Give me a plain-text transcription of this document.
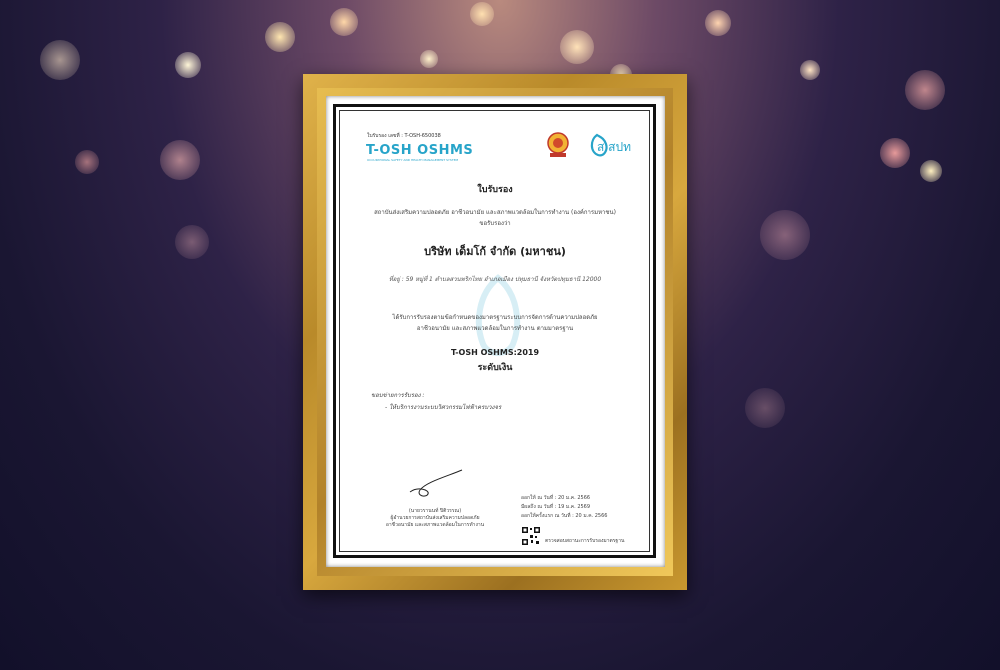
ใบรับรอง เลขที่ : T-OSH-650038
T-OSH OSHMS
OCCUPATIONAL SAFETY AND HEALTH MANAGEMENT SYSTEM
ส.สปท
ใบรับรอง
สถาบันส่งเสริมความปลอดภัย อาชีวอนามัย และสภาพแวดล้อมในการทำงาน (องค์การมหาชน)
ขอรับรองว่า
บริษัท เด็มโก้ จำกัด (มหาชน)
ที่อยู่ : 59 หมู่ที่ 1 ตำบลสวนพริกไทย อำเภอเมือง ปทุมธานี จังหวัดปทุมธานี 12000
ได้รับการรับรองตามข้อกำหนดของมาตรฐานระบบการจัดการด้านความปลอดภัย
อาชีวอนามัย และสภาพแวดล้อมในการทำงาน ตามมาตรฐาน
T-OSH OSHMS:2019
ระดับเงิน
ขอบข่ายการรับรอง :
- ให้บริการงานระบบวิศวกรรมไฟฟ้าครบวงจร
(นายวรานนท์ ปิติวรรณ)
ผู้อำนวยการสถาบันส่งเสริมความปลอดภัย
อาชีวอนามัย และสภาพแวดล้อมในการทำงาน
ออกให้ ณ วันที่ : 20 ม.ค. 2566
มีผลถึง ณ วันที่ : 19 ม.ค. 2569
ออกให้ครั้งแรก ณ วันที่ : 20 ม.ค. 2566
ตรวจสอบสถานะการรับรองมาตรฐาน
